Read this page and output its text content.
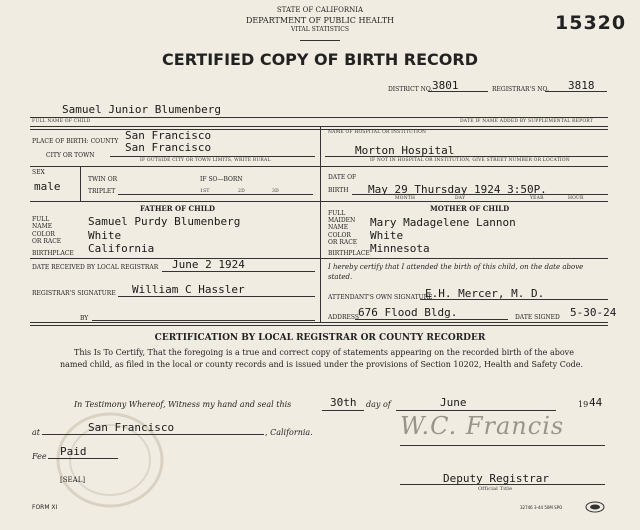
STATE OF CALIFORNIA
DEPARTMENT OF PUBLIC HEALTH
VITAL STATISTICS	15320
CERTIFIED COPY OF BIRTH RECORD
DISTRICT NO. 3801	REGISTRAR'S NO. 3818
Samuel Junior Blumenberg
FULL NAME OF CHILD	DATE IF NAME ADDED BY SUPPLEMENTAL REPORT
PLACE OF BIRTH: COUNTY San Francisco
San Francisco
CITY OR TOWN
IF OUTSIDE CITY OR TOWN LIMITS, WRITE RURAL
NAME OF HOSPITAL OR INSTITUTION
Morton Hospital
IF NOT IN HOSPITAL OR INSTITUTION, GIVE STREET NUMBER OR LOCATION
SEX
male
TWIN OR
TRIPLET
IF SO—BORN
1ST	2D	3D
DATE OF
BIRTH May 29 Thursday 1924 3:50P.
MONTH	DAY	YEAR	HOUR
FATHER OF CHILD
FULL
NAME	Samuel Purdy Blumenberg
COLOR
OR RACE White
BIRTHPLACE California
MOTHER OF CHILD
FULL
MAIDEN
NAME Mary Madagelene Lannon
COLOR
OR RACE
White
BIRTHPLACE Minnesota
DATE RECEIVED BY LOCAL REGISTRAR June 2 1924
REGISTRAR'S SIGNATURE William C Hassler
BY
I hereby certify that I attended the birth of this child, on the date above stated.
ATTENDANT'S OWN SIGNATURE
E.H. Mercer, M. D.
ADDRESS 676 Flood Bldg.	DATE SIGNED 5-30-24
CERTIFICATION BY LOCAL REGISTRAR OR COUNTY RECORDER
This Is To Certify, That the foregoing is a true and correct copy of statements appearing on the recorded birth of the above
named child, as filed in the local or county records and is issued under the provisions of Section 10202, Health and Safety Code.
In Testimony Whereof, Witness my hand and seal this	30th day of	June	19 44
at	San Francisco	, California.
Fee Paid
[SEAL]
W.C. Francis
Deputy Registrar
Official Title
FORM XI	32746 3-44 50M SPO
